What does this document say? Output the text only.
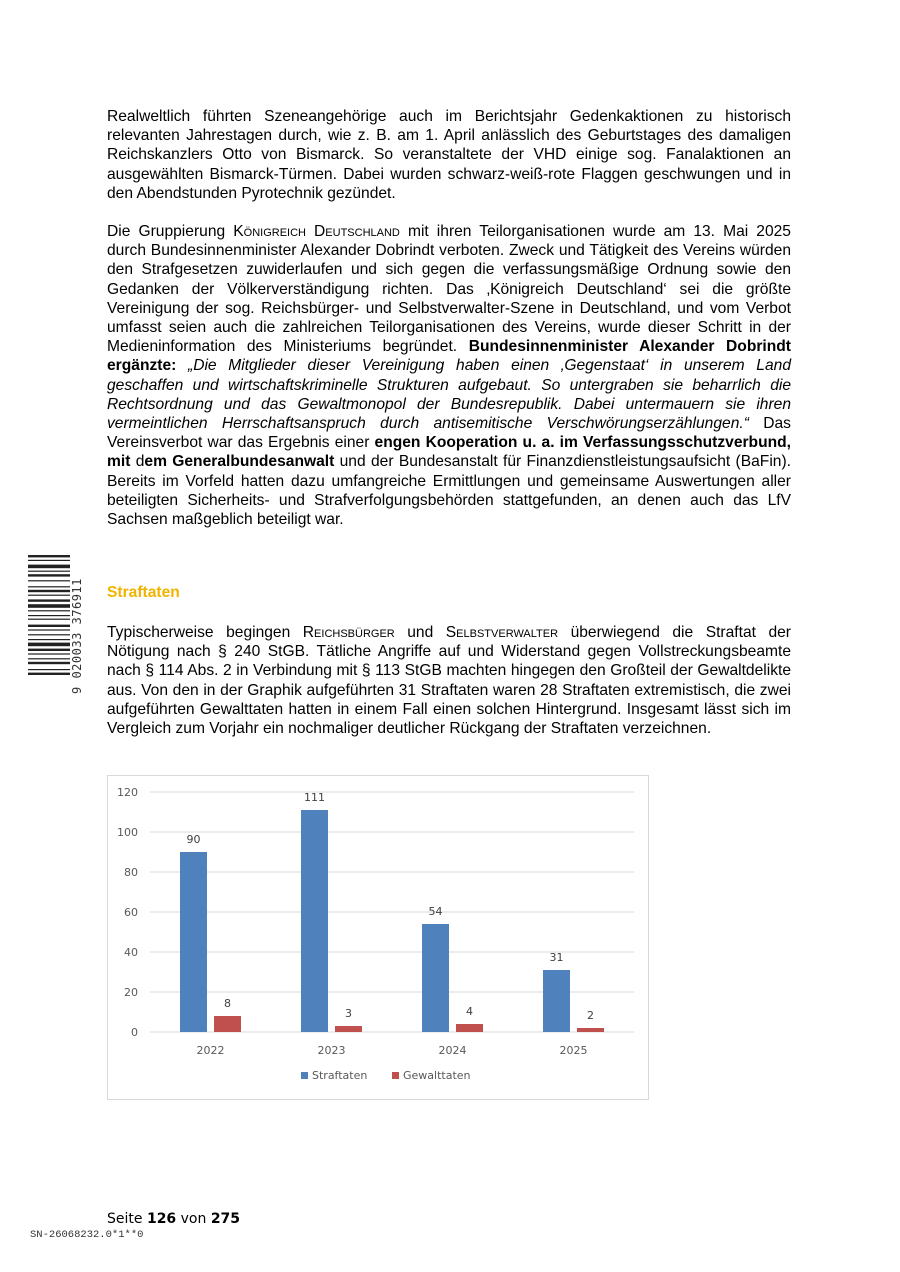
Realweltlich führten Szeneangehörige auch im Berichtsjahr Gedenkaktionen zu historisch relevanten Jahrestagen durch, wie z. B. am 1. April anlässlich des Geburtstages des damaligen Reichskanzlers Otto von Bismarck. So veranstaltete der VHD einige sog. Fanalaktionen an ausgewählten Bismarck-Türmen. Dabei wurden schwarz-weiß-rote Flaggen geschwungen und in den Abendstunden Pyrotechnik gezündet.

Die Gruppierung Königreich Deutschland mit ihren Teilorganisationen wurde am 13. Mai 2025 durch Bundesinnenminister Alexander Dobrindt verboten. Zweck und Tätigkeit des Vereins würden den Strafgesetzen zuwiderlaufen und sich gegen die verfassungsmäßige Ordnung sowie den Gedanken der Völkerverständigung richten. Das ‚Königreich Deutschland‘ sei die größte Vereinigung der sog. Reichsbürger- und Selbstverwalter-Szene in Deutschland, und vom Verbot umfasst seien auch die zahlreichen Teilorganisationen des Vereins, wurde dieser Schritt in der Medieninformation des Ministeriums begründet. Bundesinnenminister Alexander Dobrindt ergänzte: „Die Mitglieder dieser Vereinigung haben einen ‚Gegenstaat‘ in unserem Land geschaffen und wirtschaftskriminelle Strukturen aufgebaut. So untergraben sie beharrlich die Rechtsordnung und das Gewaltmonopol der Bundesrepublik. Dabei untermauern sie ihren vermeintlichen Herrschaftsanspruch durch antisemitische Verschwörungserzählungen.“ Das Vereinsverbot war das Ergebnis einer engen Kooperation u. a. im Verfassungsschutzverbund, mit dem Generalbundesanwalt und der Bundesanstalt für Finanzdienstleistungsaufsicht (BaFin). Bereits im Vorfeld hatten dazu umfangreiche Ermittlungen und gemeinsame Auswertungen aller beteiligten Sicherheits- und Strafverfolgungsbehörden stattgefunden, an denen auch das LfV Sachsen maßgeblich beteiligt war.

9 020033 376911 Straftaten

Typischerweise begingen Reichsbürger und Selbstverwalter überwiegend die Straftat der Nötigung nach § 240 StGB. Tätliche Angriffe auf und Widerstand gegen Vollstreckungsbeamte nach § 114 Abs. 2 in Verbindung mit § 113 StGB machten hingegen den Großteil der Gewaltdelikte aus. Von den in der Graphik aufgeführten 31 Straftaten waren 28 Straftaten extremistisch, die zwei aufgeführten Gewalttaten hatten in einem Fall einen solchen Hintergrund. Insgesamt lässt sich im Vergleich zum Vorjahr ein nochmaliger deutlicher Rückgang der Straftaten verzeichnen.

0
20
40
60
80
100
120
90
8
111
3
54
4
31
2
2022	2023	2024	2025
Straftaten	Gewalttaten

Seite 126 von 275

SN-26068232.0*1**0
